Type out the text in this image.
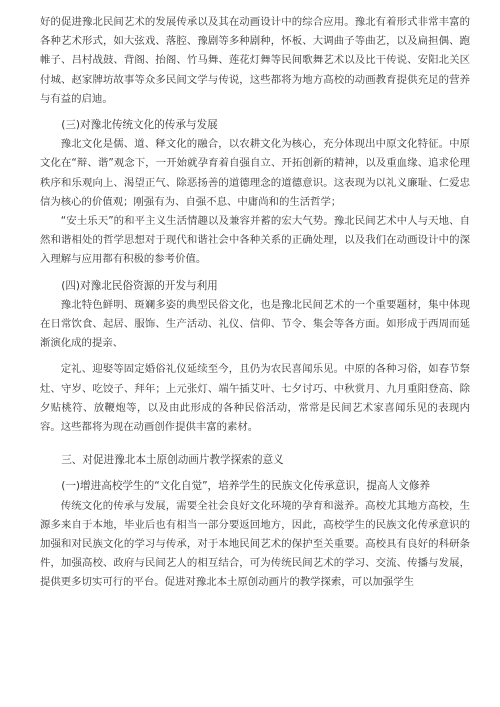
好的促进豫北民间艺术的发展传承以及其在动画设计中的综合应用。豫北有着形式非常丰富的各种艺术形式，如大弦戏、落腔、豫剧等多种剧种，怀板、大调曲子等曲艺，以及扁担偶、跑帷子、吕村战鼓、背阁、抬阁、竹马舞、莲花灯舞等民间歌舞艺术以及比干传说、安阳北关区付城、赵家牌坊故事等众多民间文学与传说，这些都将为地方高校的动画教育提供充足的营养与有益的启迪。

(三)对豫北传统文化的传承与发展

豫北文化是儒、道、释文化的融合，以农耕文化为核心，充分体现出中原文化特征。中原文化在“辩、谐”观念下，一开始就孕育着自强自立、开拓创新的精神，以及重血缘、追求伦理秩序和乐观向上、渴望正气、除恶扬善的道德理念的道德意识。这表现为以礼义廉耻、仁爱忠信为核心的价值观；刚强有为、自强不息、中庸尚和的生活哲学；

“安土乐天”的和平主义生活情趣以及兼容并蓄的宏大气势。豫北民间艺术中人与天地、自然和谐相处的哲学思想对于现代和谐社会中各种关系的正确处理，以及我们在动画设计中的深入理解与应用都有积极的参考价值。

(四)对豫北民俗资源的开发与利用

豫北特色鲜明、斑斓多姿的典型民俗文化，也是豫北民间艺术的一个重要题材，集中体现在日常饮食、起居、服饰、生产活动、礼仪、信仰、节令、集会等各方面。如形成于西周而延渐演化成的提亲、

定礼、迎娶等固定婚俗礼仪延续至今，且仍为农民喜闻乐见。中原的各种习俗，如春节祭灶、守岁、吃饺子、拜年；上元张灯、端午插艾叶、七夕讨巧、中秋赏月、九月重阳登高、除夕贴桃符、放鞭炮等，以及由此形成的各种民俗活动，常常是民间艺术家喜闻乐见的表现内容。这些都将为现在动画创作提供丰富的素材。

三、对促进豫北本土原创动画片教学探索的意义

(一)增进高校学生的“文化自觉”，培养学生的民族文化传承意识，提高人文修养

传统文化的传承与发展，需要全社会良好文化环境的孕育和滋养。高校尤其地方高校，生源多来自于本地，毕业后也有相当一部分要返回地方，因此，高校学生的民族文化传承意识的加强和对民族文化的学习与传承，对于本地民间艺术的保护至关重要。高校具有良好的科研条件，加强高校、政府与民间艺人的相互结合，可为传统民间艺术的学习、交流、传播与发展，提供更多切实可行的平台。促进对豫北本土原创动画片的教学探索，可以加强学生
